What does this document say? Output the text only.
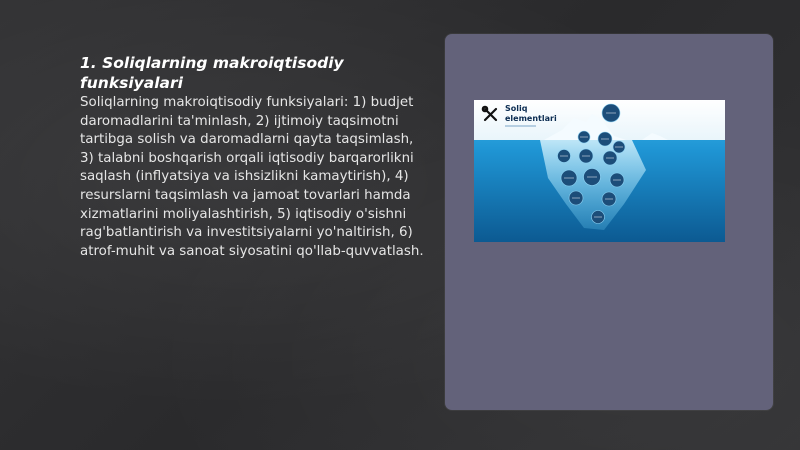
1. Soliqlarning makroiqtisodiy funksiyalari

Soliqlarning makroiqtisodiy funksiyalari: 1) budjet daromadlarini ta'minlash, 2) ijtimoiy taqsimotni tartibga solish va daromadlarni qayta taqsimlash, 3) talabni boshqarish orqali iqtisodiy barqarorlikni saqlash (inflyatsiya va ishsizlikni kamaytirish), 4) resurslarni taqsimlash va jamoat tovarlari hamda xizmatlarini moliyalashtirish, 5) iqtisodiy o'sishni rag'batlantirish va investitsiyalarni yo'naltirish, 6) atrof-muhit va sanoat siyosatini qo'llab-quvvatlash.

Soliq
elementlari
